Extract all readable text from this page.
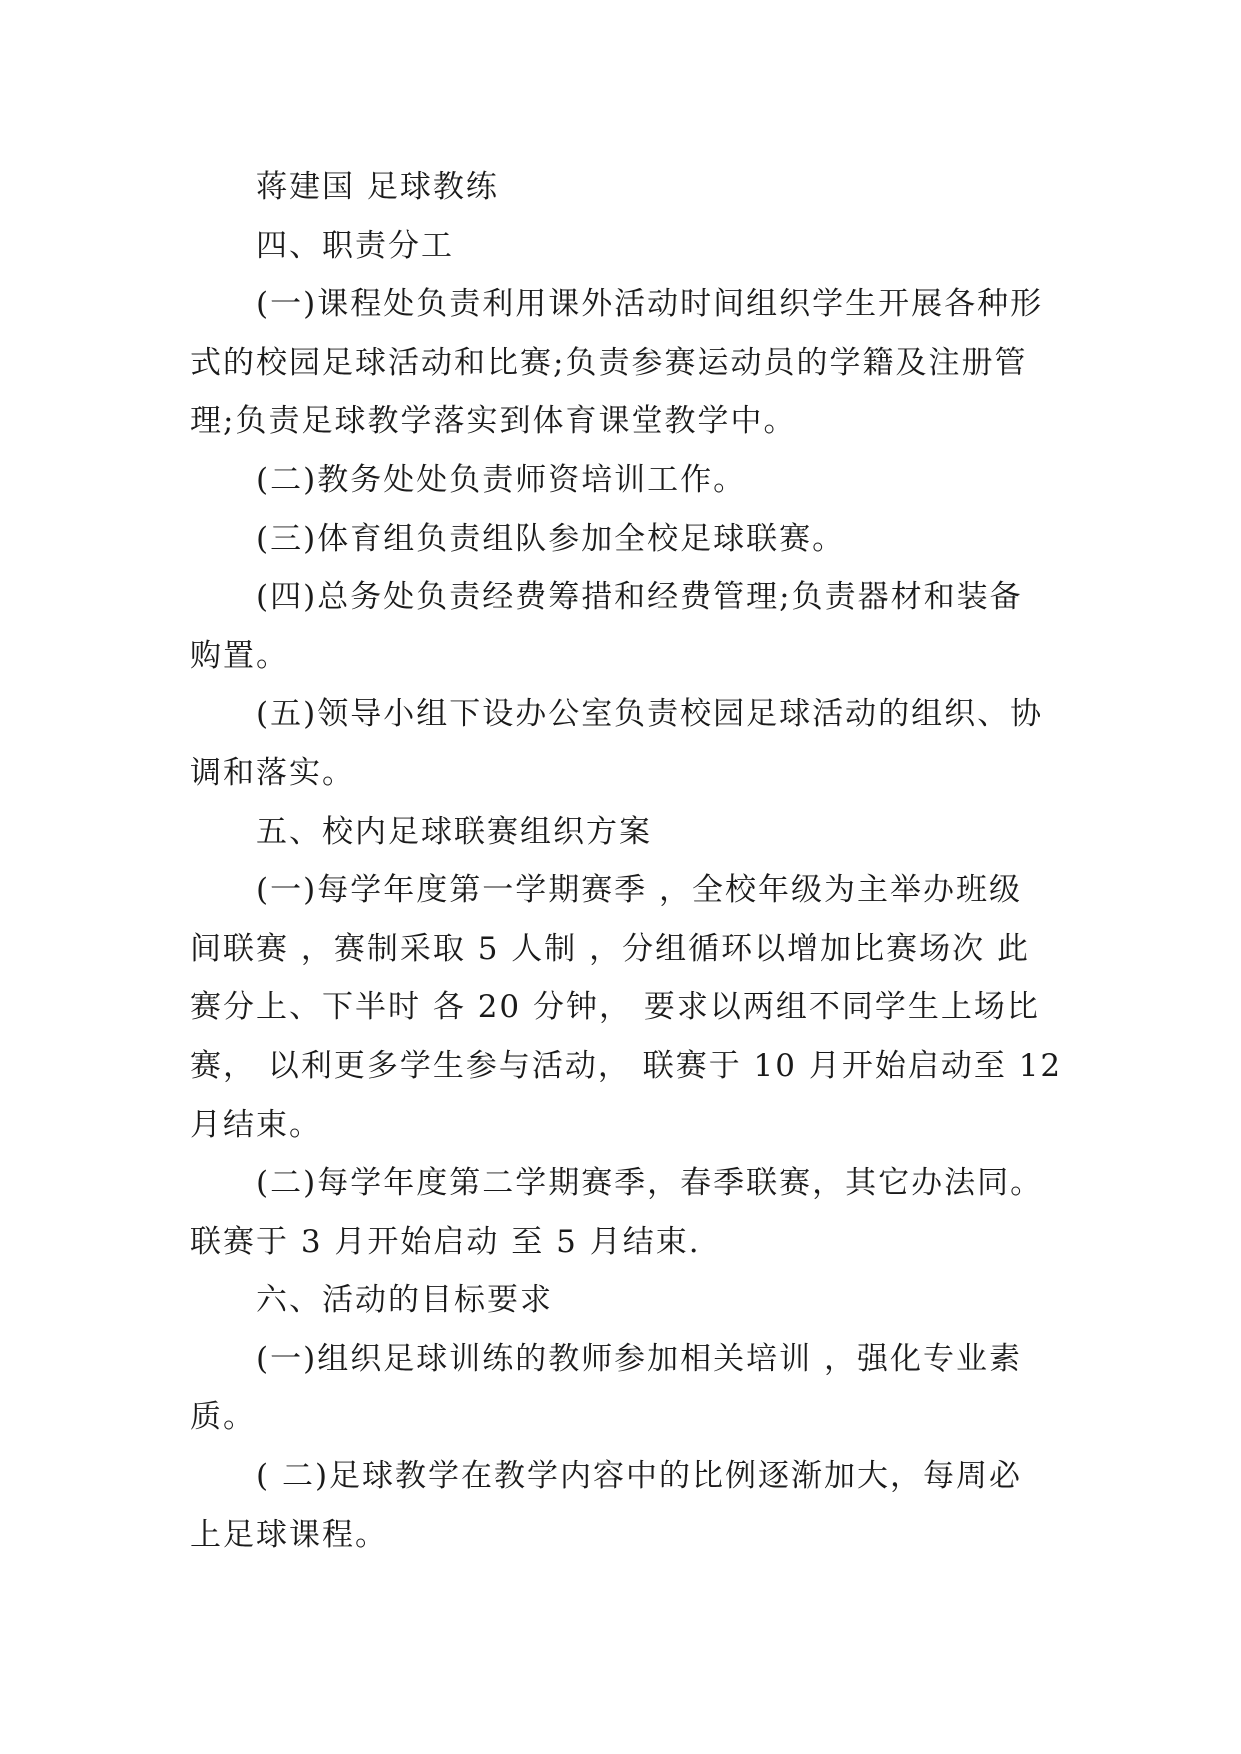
蒋建国 足球教练
四、职责分工
(一)课程处负责利用课外活动时间组织学生开展各种形
式的校园足球活动和比赛;负责参赛运动员的学籍及注册管
理;负责足球教学落实到体育课堂教学中。
(二)教务处处负责师资培训工作。
(三)体育组负责组队参加全校足球联赛。
(四)总务处负责经费筹措和经费管理;负责器材和装备
购置。
(五)领导小组下设办公室负责校园足球活动的组织、协
调和落实。
五、校内足球联赛组织方案
(一)每学年度第一学期赛季 ，全校年级为主举办班级
间联赛 ，赛制采取 5 人制 ，分组循环以增加比赛场次 此
赛分上、下半时 各 20 分钟， 要求以两组不同学生上场比
赛， 以利更多学生参与活动， 联赛于 10 月开始启动至 12
月结束。
(二)每学年度第二学期赛季，春季联赛，其它办法同。
联赛于 3 月开始启动 至 5 月结束.
六、活动的目标要求
(一)组织足球训练的教师参加相关培训 ，强化专业素
质。
( 二)足球教学在教学内容中的比例逐渐加大，每周必
上足球课程。
